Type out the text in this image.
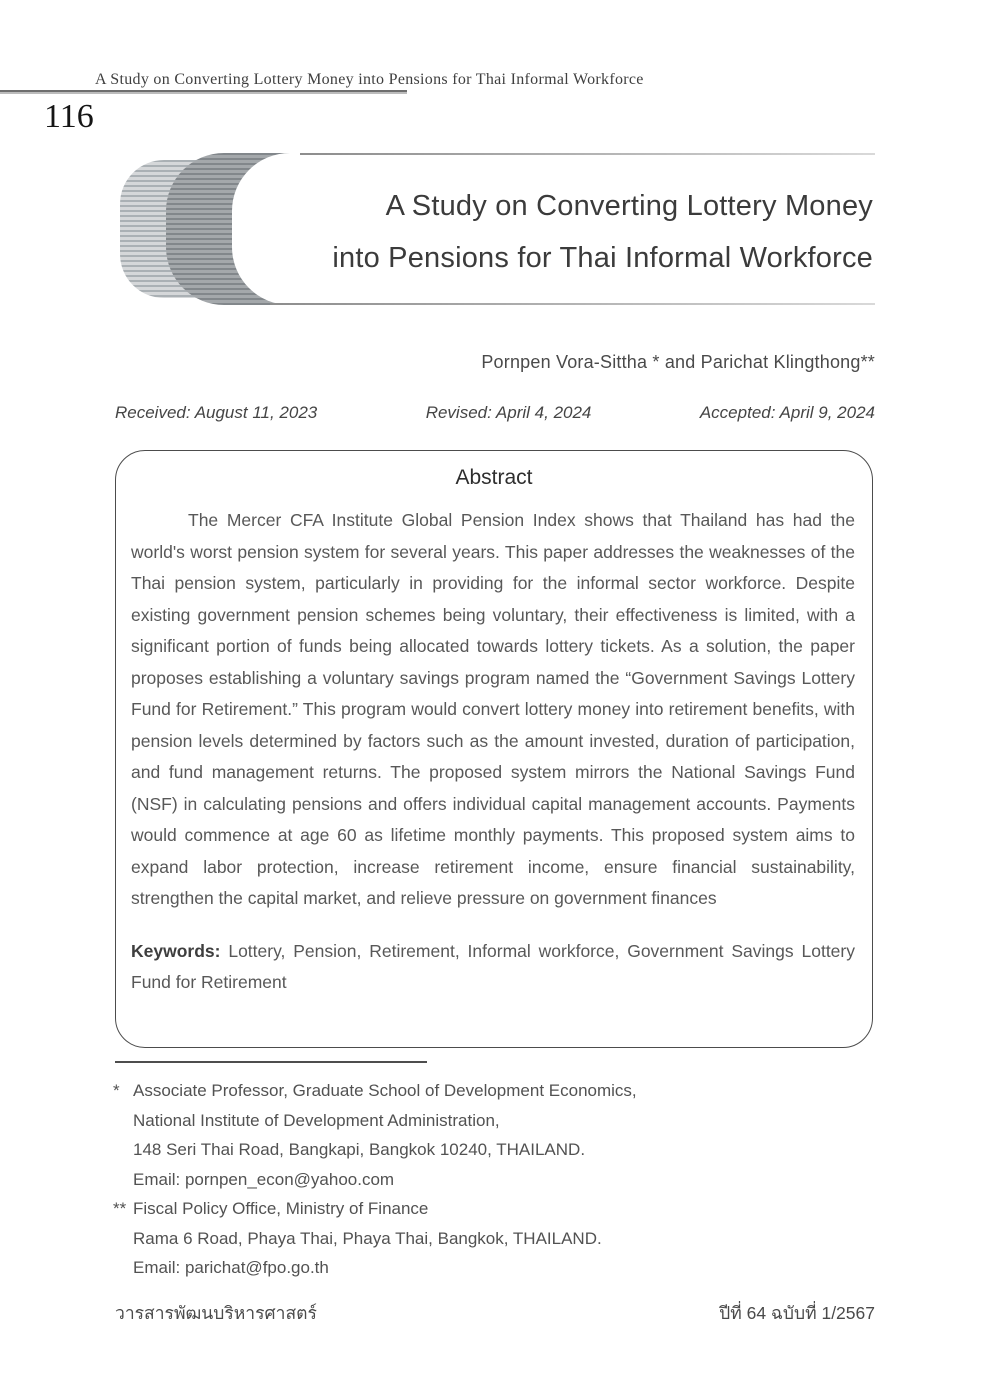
A Study on Converting Lottery Money into Pensions for Thai Informal Workforce
116
A Study on Converting Lottery Money
into Pensions for Thai Informal Workforce
Pornpen Vora-Sittha * and Parichat Klingthong**
Received: August 11, 2023	Revised: April 4, 2024	Accepted: April 9, 2024
Abstract

The Mercer CFA Institute Global Pension Index shows that Thailand has had the world's worst pension system for several years. This paper addresses the weaknesses of the Thai pension system, particularly in providing for the informal sector workforce. Despite existing government pension schemes being voluntary, their effectiveness is limited, with a significant portion of funds being allocated towards lottery tickets. As a solution, the paper proposes establishing a voluntary savings program named the “Government Savings Lottery Fund for Retirement.” This program would convert lottery money into retirement benefits, with pension levels determined by factors such as the amount invested, duration of participation, and fund management returns. The proposed system mirrors the National Savings Fund (NSF) in calculating pensions and offers individual capital management accounts. Payments would commence at age 60 as lifetime monthly payments. This proposed system aims to expand labor protection, increase retirement income, ensure financial sustainability, strengthen the capital market, and relieve pressure on government finances

Keywords: Lottery, Pension, Retirement, Informal workforce, Government Savings Lottery Fund for Retirement

* Associate Professor, Graduate School of Development Economics,
National Institute of Development Administration,
148 Seri Thai Road, Bangkapi, Bangkok 10240, THAILAND.
Email: pornpen_econ@yahoo.com
** Fiscal Policy Office, Ministry of Finance
Rama 6 Road, Phaya Thai, Phaya Thai, Bangkok, THAILAND.
Email: parichat@fpo.go.th
วารสารพัฒนบริหารศาสตร์	ปีที่ 64 ฉบับที่ 1/2567
